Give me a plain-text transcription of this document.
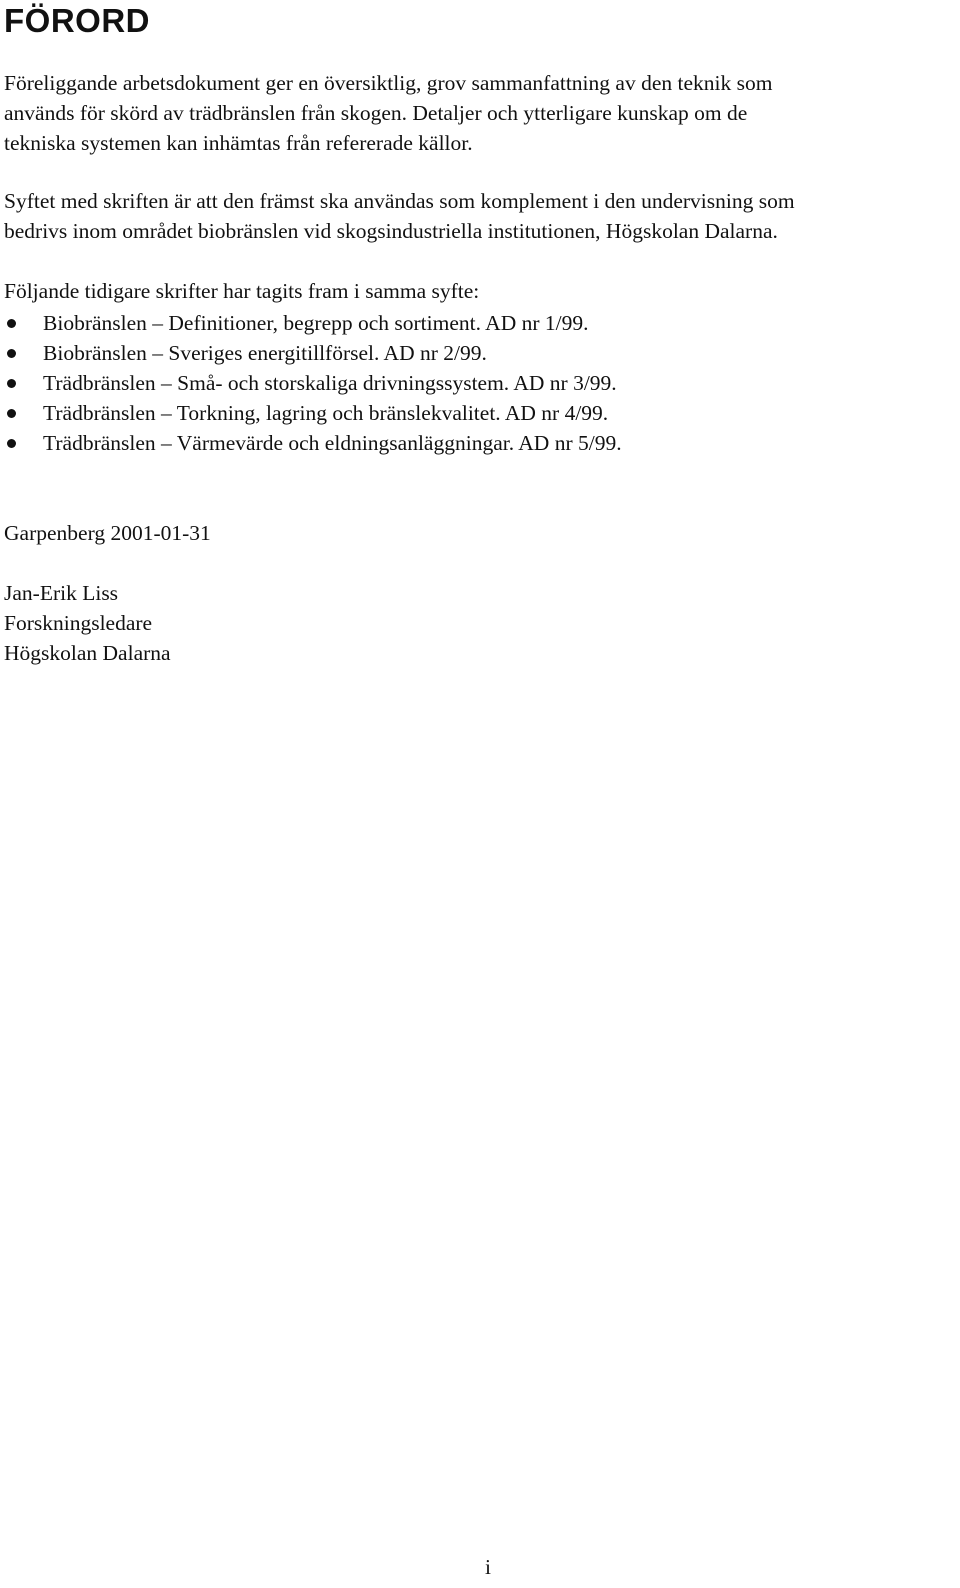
FÖRORD
Föreliggande arbetsdokument ger en översiktlig, grov sammanfattning av den teknik som
används för skörd av trädbränslen från skogen. Detaljer och ytterligare kunskap om de
tekniska systemen kan inhämtas från refererade källor.
Syftet med skriften är att den främst ska användas som komplement i den undervisning som
bedrivs inom området biobränslen vid skogsindustriella institutionen, Högskolan Dalarna.
Följande tidigare skrifter har tagits fram i samma syfte:
Biobränslen – Definitioner, begrepp och sortiment. AD nr 1/99.
Biobränslen – Sveriges energitillförsel. AD nr 2/99.
Trädbränslen – Små- och storskaliga drivningssystem. AD nr 3/99.
Trädbränslen – Torkning, lagring och bränslekvalitet. AD nr 4/99.
Trädbränslen – Värmevärde och eldningsanläggningar. AD nr 5/99.
Garpenberg 2001-01-31
Jan-Erik Liss
Forskningsledare
Högskolan Dalarna
i
